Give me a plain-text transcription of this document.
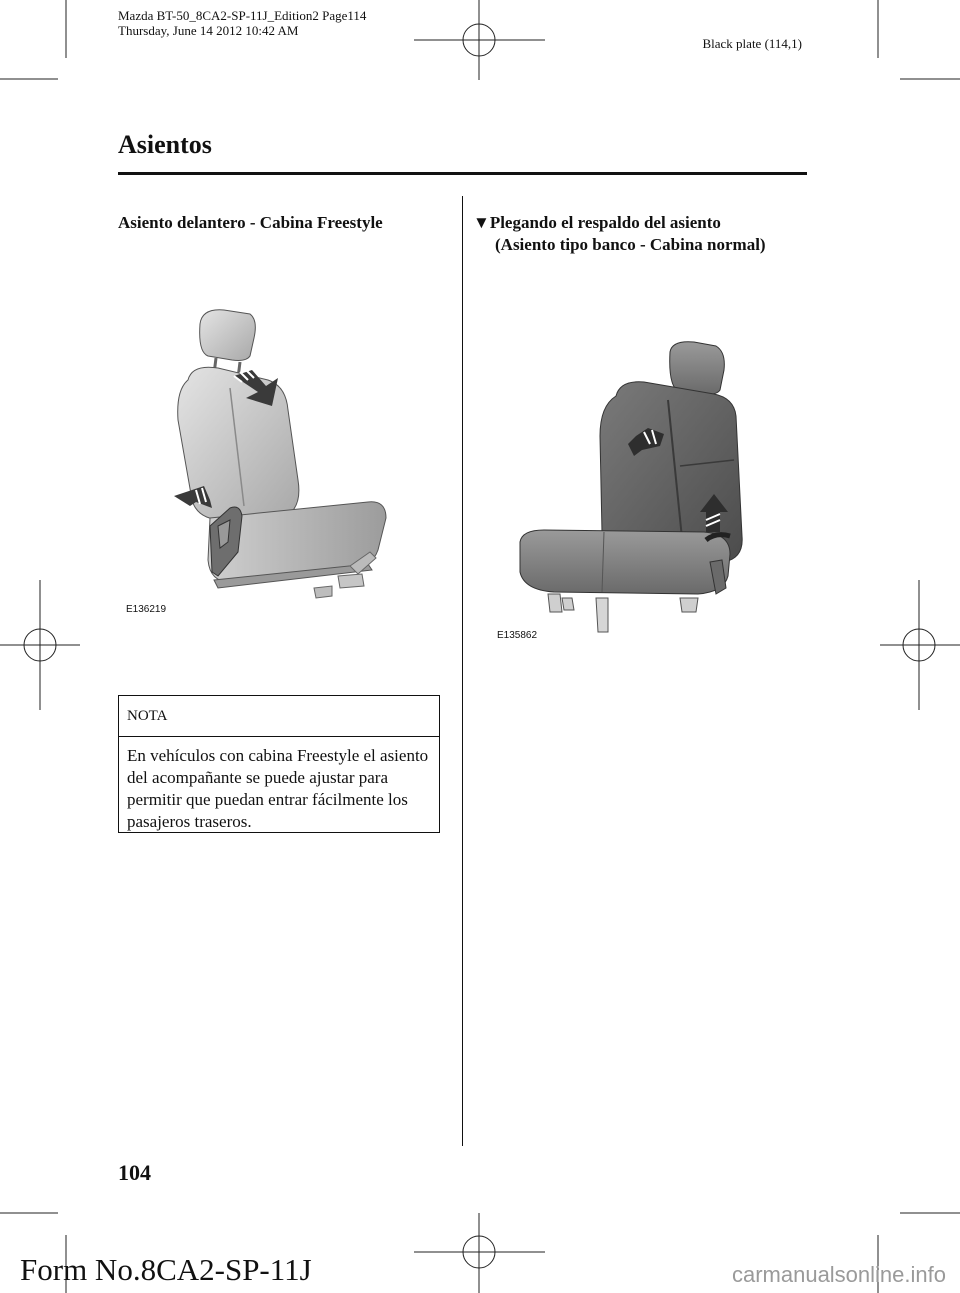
Mazda BT-50_8CA2-SP-11J_Edition2 Page114
Thursday, June 14 2012 10:42 AM
Black plate (114,1)
Asientos
Asiento delantero - Cabina Freestyle
E136219
NOTA
En vehículos con cabina Freestyle el asiento del acompañante se puede ajustar para permitir que puedan entrar fácilmente los pasajeros traseros.
▼Plegando el respaldo del asiento
(Asiento tipo banco - Cabina normal)
E135862
104
Form No.8CA2-SP-11J	carmanualsonline.info
